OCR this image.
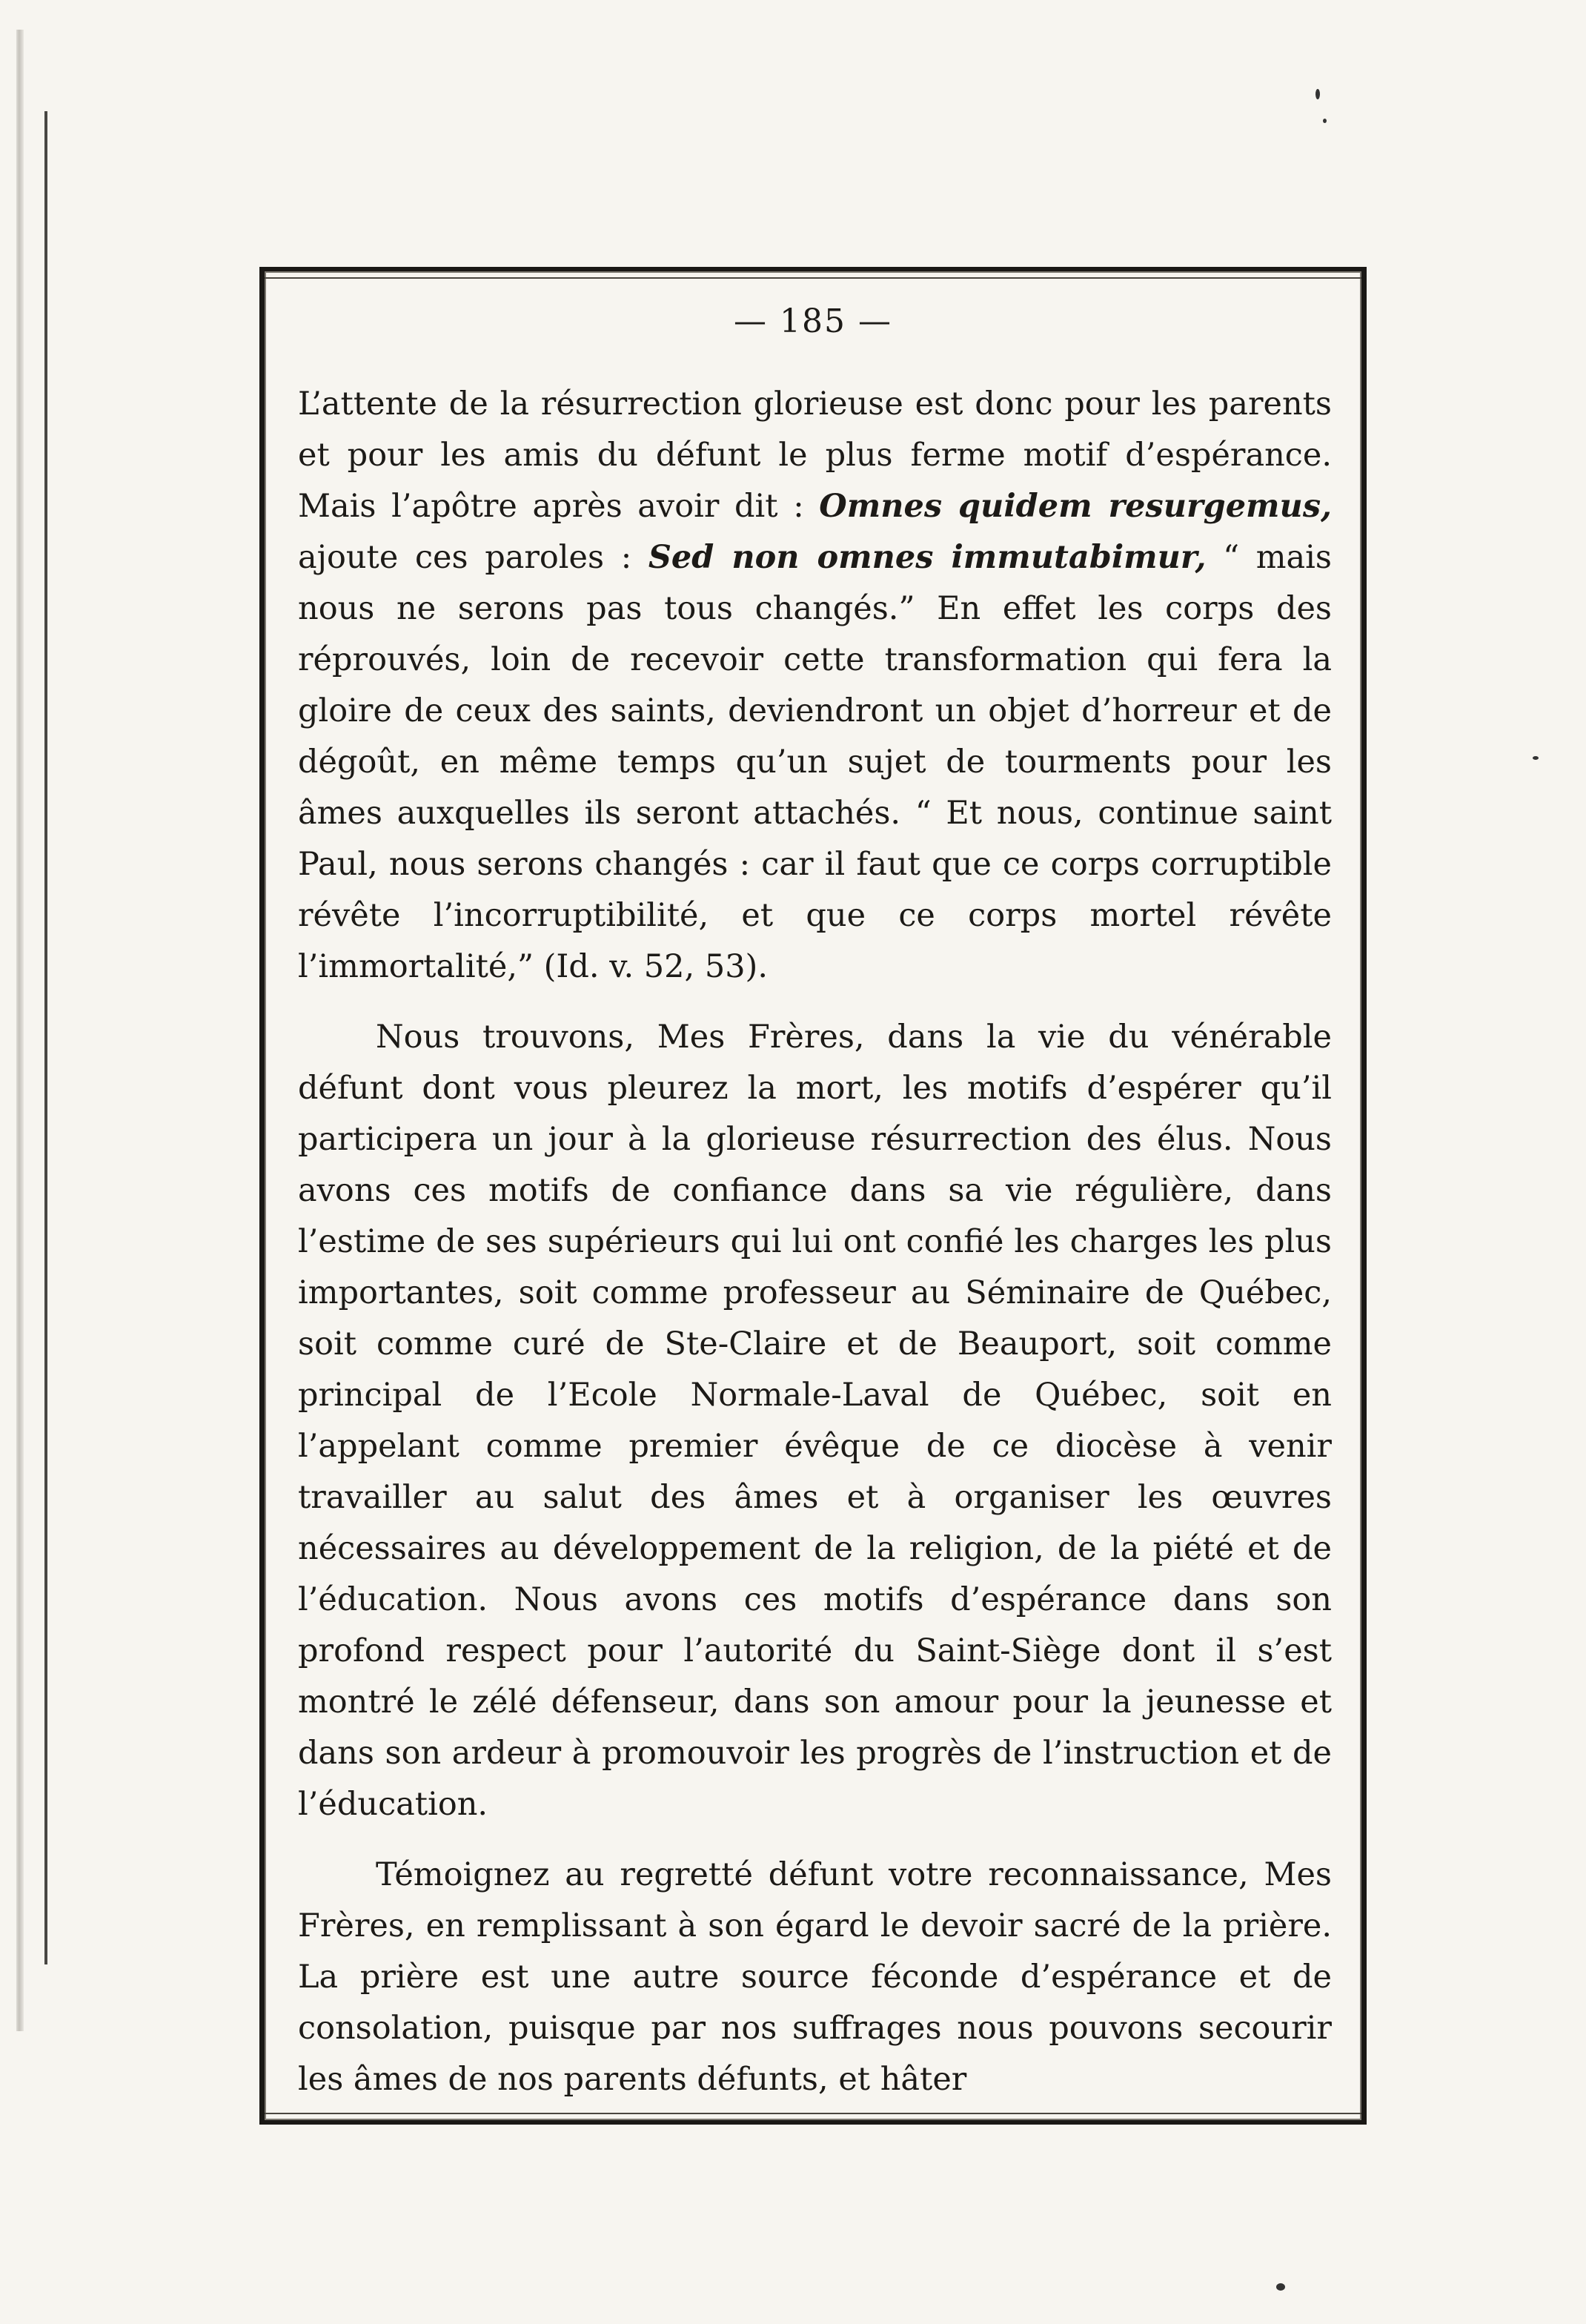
— 185 —

L’attente de la résurrection glorieuse est donc pour les parents et pour les amis du défunt le plus ferme motif d’espérance. Mais l’apôtre après avoir dit : Omnes quidem resurgemus, ajoute ces paroles : Sed non omnes immutabimur, “ mais nous ne serons pas tous changés.” En effet les corps des réprouvés, loin de recevoir cette transformation qui fera la gloire de ceux des saints, deviendront un objet d’horreur et de dégoût, en même temps qu’un sujet de tourments pour les âmes auxquelles ils seront attachés. “ Et nous, continue saint Paul, nous serons changés : car il faut que ce corps corruptible révête l’incorruptibilité, et que ce corps mortel révête l’immortalité,” (Id. v. 52, 53).

Nous trouvons, Mes Frères, dans la vie du vénérable défunt dont vous pleurez la mort, les motifs d’espérer qu’il participera un jour à la glorieuse résurrection des élus. Nous avons ces motifs de confiance dans sa vie régulière, dans l’estime de ses supérieurs qui lui ont confié les charges les plus importantes, soit comme professeur au Séminaire de Québec, soit comme curé de Ste-Claire et de Beauport, soit comme principal de l’Ecole Normale-Laval de Québec, soit en l’appelant comme premier évêque de ce diocèse à venir travailler au salut des âmes et à organiser les œuvres nécessaires au développement de la religion, de la piété et de l’éducation. Nous avons ces motifs d’espérance dans son profond respect pour l’autorité du Saint-Siège dont il s’est montré le zélé défenseur, dans son amour pour la jeunesse et dans son ardeur à promouvoir les progrès de l’instruction et de l’éducation.

Témoignez au regretté défunt votre reconnaissance, Mes Frères, en remplissant à son égard le devoir sacré de la prière. La prière est une autre source féconde d’espérance et de consolation, puisque par nos suffrages nous pouvons secourir les âmes de nos parents défunts, et hâter
